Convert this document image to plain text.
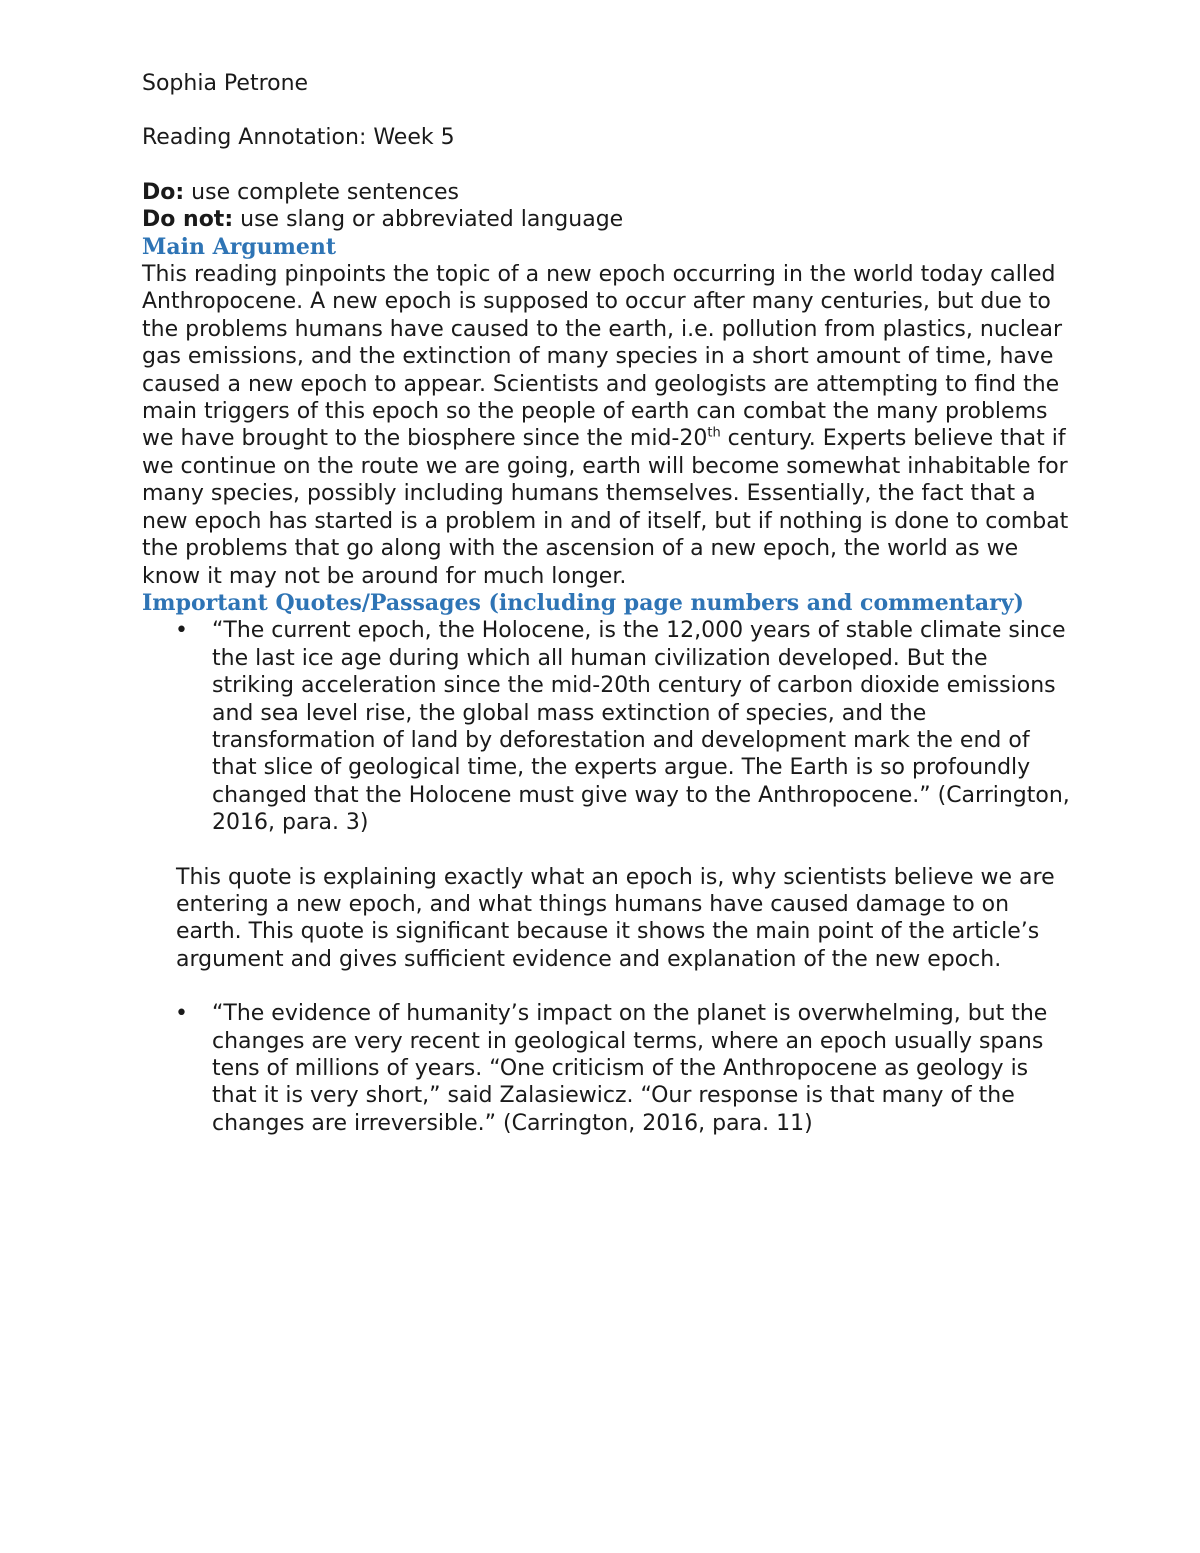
Sophia Petrone

Reading Annotation: Week 5

Do: use complete sentences

Do not: use slang or abbreviated language

Main Argument

This reading pinpoints the topic of a new epoch occurring in the world today called Anthropocene. A new epoch is supposed to occur after many centuries, but due to the problems humans have caused to the earth, i.e. pollution from plastics, nuclear gas emissions, and the extinction of many species in a short amount of time, have caused a new epoch to appear. Scientists and geologists are attempting to find the main triggers of this epoch so the people of earth can combat the many problems we have brought to the biosphere since the mid-20th century. Experts believe that if we continue on the route we are going, earth will become somewhat inhabitable for many species, possibly including humans themselves. Essentially, the fact that a new epoch has started is a problem in and of itself, but if nothing is done to combat the problems that go along with the ascension of a new epoch, the world as we know it may not be around for much longer.

Important Quotes/Passages (including page numbers and commentary)
• “The current epoch, the Holocene, is the 12,000 years of stable climate since the last ice age during which all human civilization developed. But the striking acceleration since the mid-20th century of carbon dioxide emissions and sea level rise, the global mass extinction of species, and the transformation of land by deforestation and development mark the end of that slice of geological time, the experts argue. The Earth is so profoundly changed that the Holocene must give way to the Anthropocene.” (Carrington, 2016, para. 3)

This quote is explaining exactly what an epoch is, why scientists believe we are entering a new epoch, and what things humans have caused damage to on earth. This quote is significant because it shows the main point of the article’s argument and gives sufficient evidence and explanation of the new epoch.

• “The evidence of humanity’s impact on the planet is overwhelming, but the changes are very recent in geological terms, where an epoch usually spans tens of millions of years. “One criticism of the Anthropocene as geology is that it is very short,” said Zalasiewicz. “Our response is that many of the changes are irreversible.” (Carrington, 2016, para. 11)
